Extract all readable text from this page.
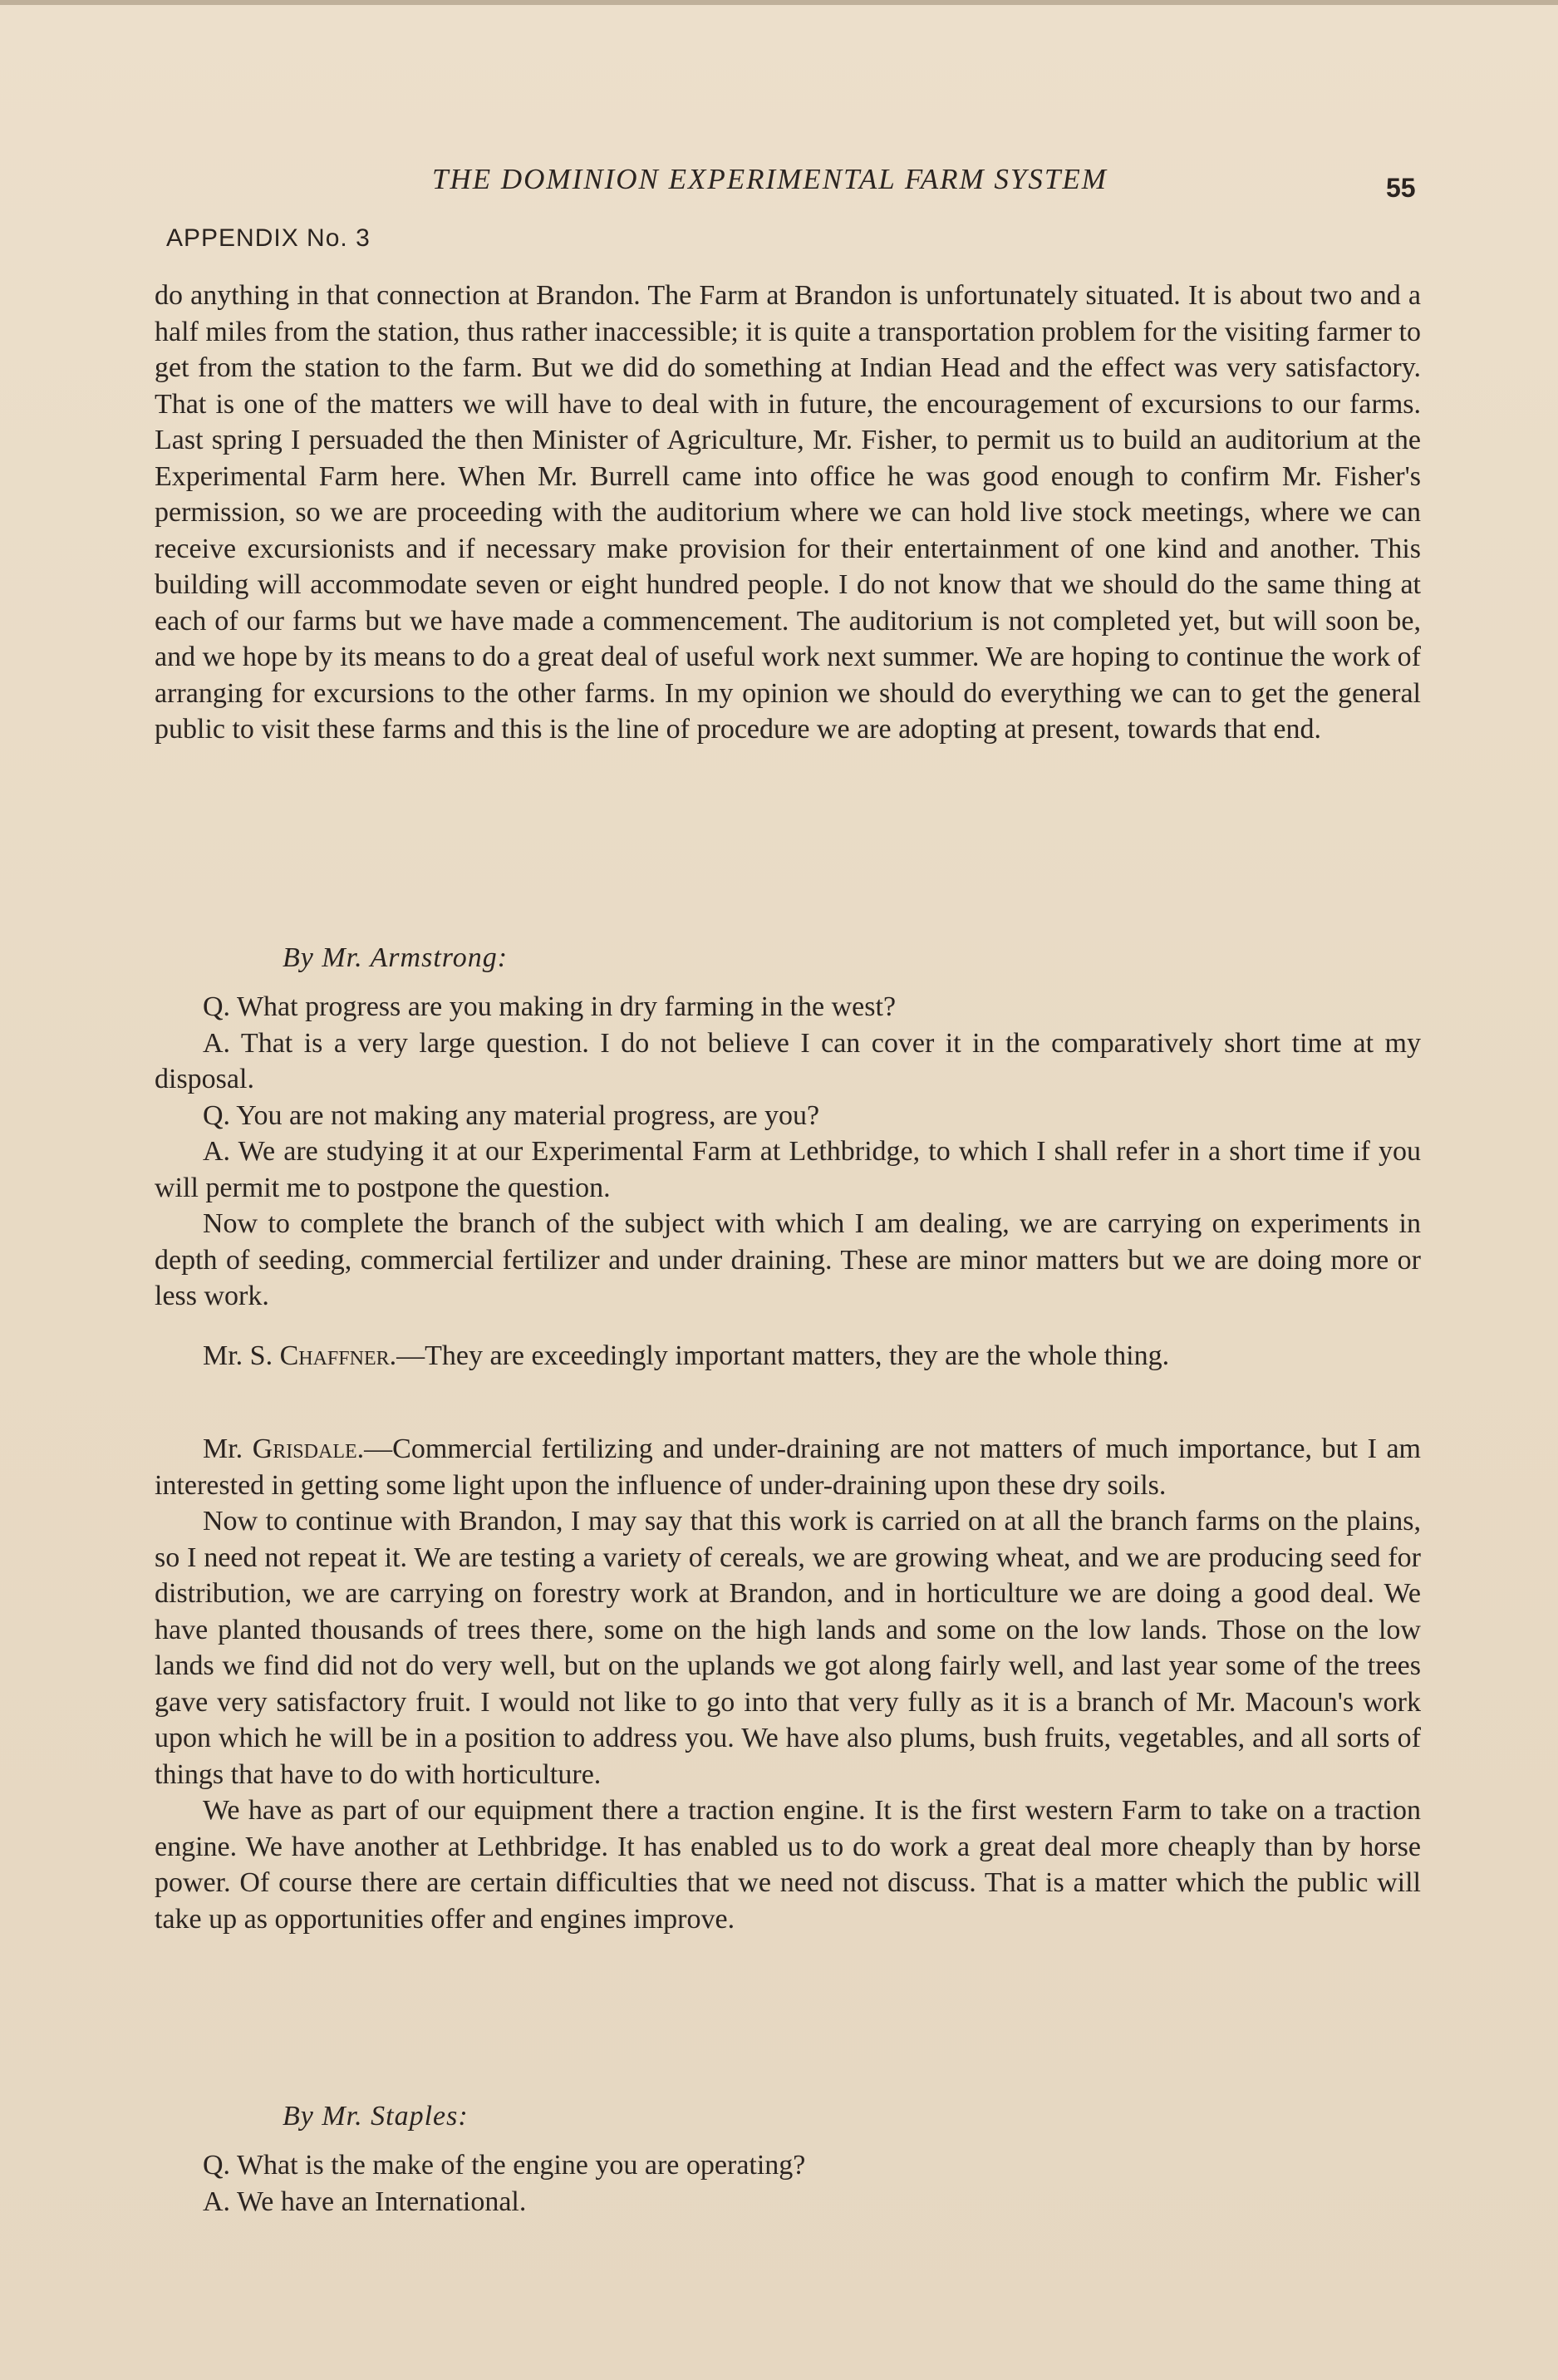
THE DOMINION EXPERIMENTAL FARM SYSTEM	55
APPENDIX No. 3

do anything in that connection at Brandon. The Farm at Brandon is unfortunately situated. It is about two and a half miles from the station, thus rather inaccessible; it is quite a transportation problem for the visiting farmer to get from the station to the farm. But we did do something at Indian Head and the effect was very satisfactory. That is one of the matters we will have to deal with in future, the encouragement of excursions to our farms. Last spring I persuaded the then Minister of Agriculture, Mr. Fisher, to permit us to build an auditorium at the Experimental Farm here. When Mr. Burrell came into office he was good enough to confirm Mr. Fisher's permission, so we are proceeding with the auditorium where we can hold live stock meetings, where we can receive excursionists and if necessary make provision for their entertainment of one kind and another. This building will accommodate seven or eight hundred people. I do not know that we should do the same thing at each of our farms but we have made a commencement. The auditorium is not completed yet, but will soon be, and we hope by its means to do a great deal of useful work next summer. We are hoping to continue the work of arranging for excursions to the other farms. In my opinion we should do everything we can to get the general public to visit these farms and this is the line of procedure we are adopting at present, towards that end.

By Mr. Armstrong:

Q. What progress are you making in dry farming in the west?

A. That is a very large question. I do not believe I can cover it in the comparatively short time at my disposal.

Q. You are not making any material progress, are you?

A. We are studying it at our Experimental Farm at Lethbridge, to which I shall refer in a short time if you will permit me to postpone the question.

Now to complete the branch of the subject with which I am dealing, we are carrying on experiments in depth of seeding, commercial fertilizer and under draining. These are minor matters but we are doing more or less work.

Mr. S. Chaffner.—They are exceedingly important matters, they are the whole thing.

Mr. Grisdale.—Commercial fertilizing and under-draining are not matters of much importance, but I am interested in getting some light upon the influence of under-draining upon these dry soils.

Now to continue with Brandon, I may say that this work is carried on at all the branch farms on the plains, so I need not repeat it. We are testing a variety of cereals, we are growing wheat, and we are producing seed for distribution, we are carrying on forestry work at Brandon, and in horticulture we are doing a good deal. We have planted thousands of trees there, some on the high lands and some on the low lands. Those on the low lands we find did not do very well, but on the uplands we got along fairly well, and last year some of the trees gave very satisfactory fruit. I would not like to go into that very fully as it is a branch of Mr. Macoun's work upon which he will be in a position to address you. We have also plums, bush fruits, vegetables, and all sorts of things that have to do with horticulture.

We have as part of our equipment there a traction engine. It is the first western Farm to take on a traction engine. We have another at Lethbridge. It has enabled us to do work a great deal more cheaply than by horse power. Of course there are certain difficulties that we need not discuss. That is a matter which the public will take up as opportunities offer and engines improve.

By Mr. Staples:

Q. What is the make of the engine you are operating?

A. We have an International.
